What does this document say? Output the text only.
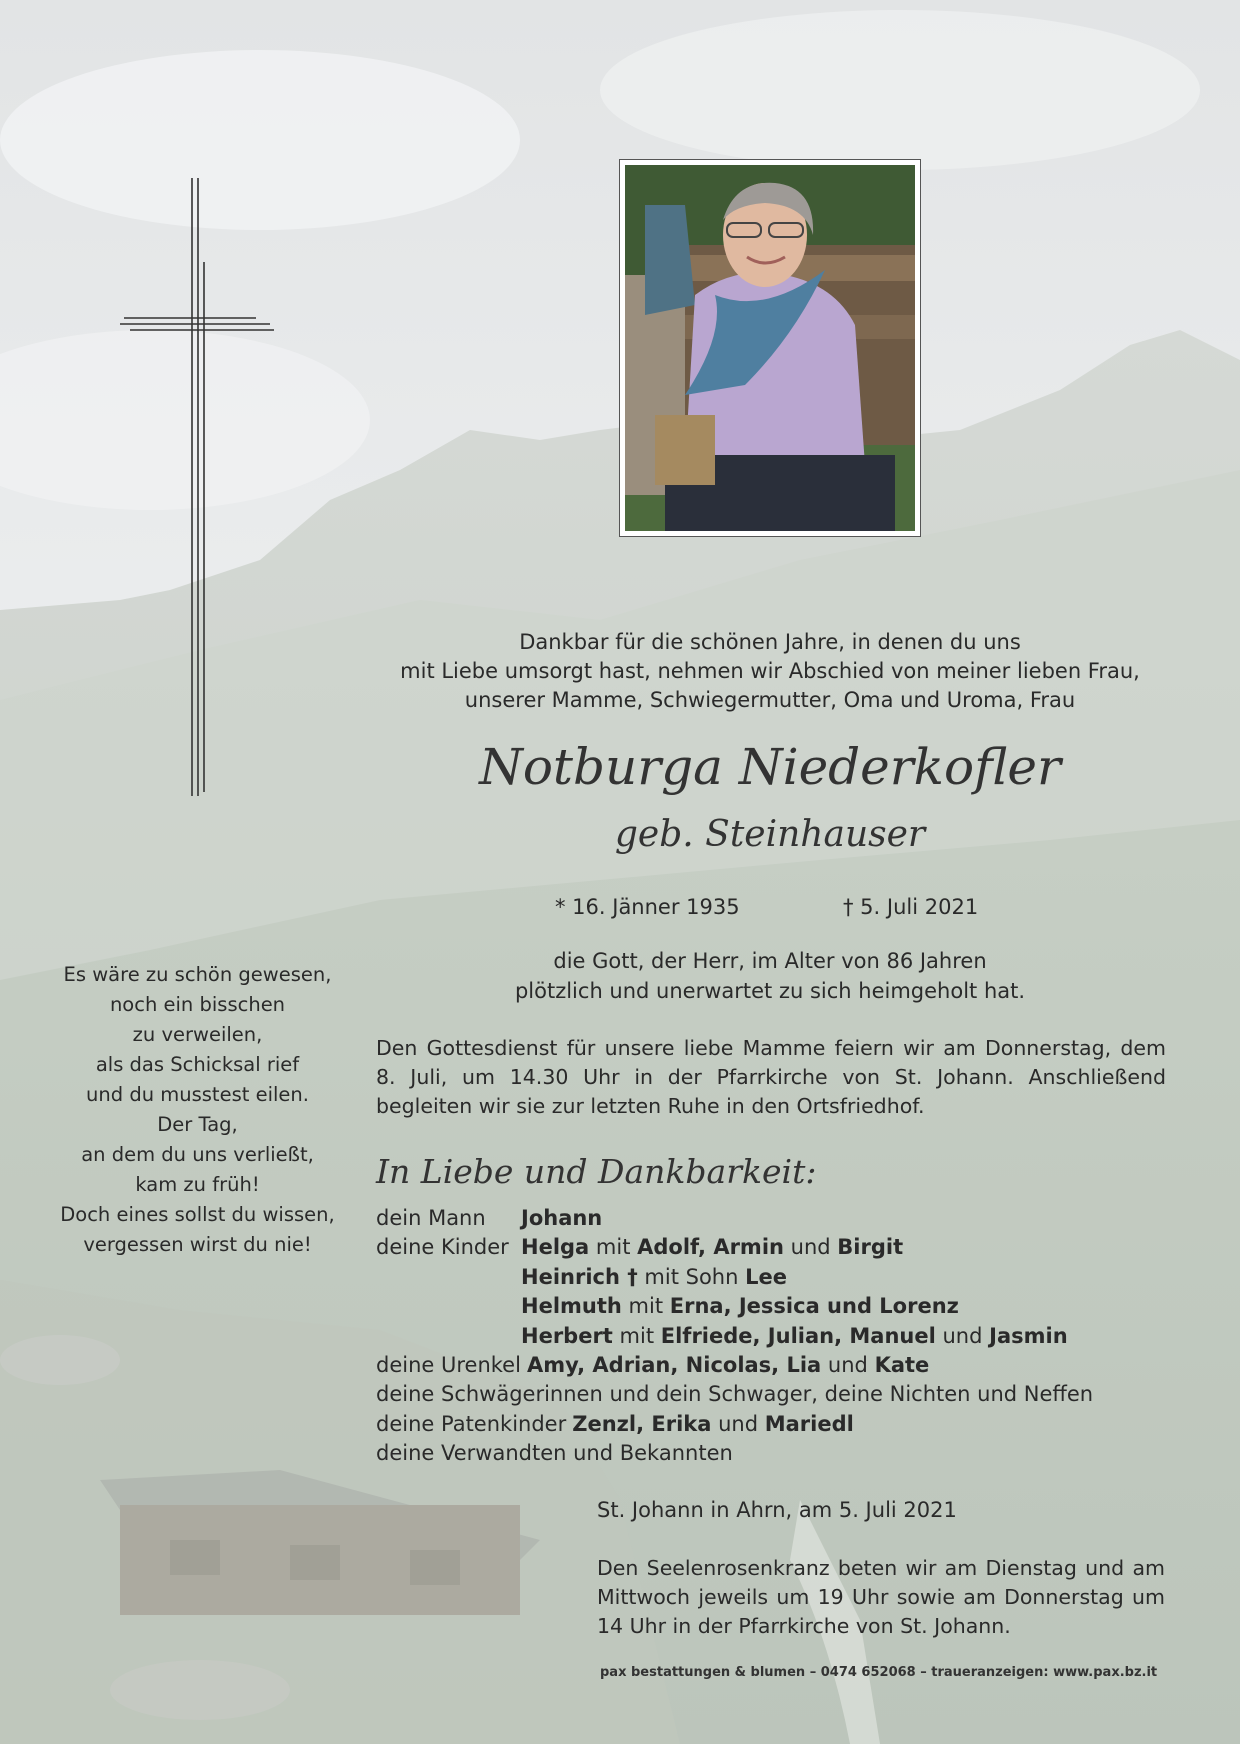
Dankbar für die schönen Jahre, in denen du uns
mit Liebe umsorgt hast, nehmen wir Abschied von meiner lieben Frau,
unserer Mamme, Schwiegermutter, Oma und Uroma, Frau
Notburga Niederkofler
geb. Steinhauser
* 16. Jänner 1935	† 5. Juli 2021
die Gott, der Herr, im Alter von 86 Jahren
plötzlich und unerwartet zu sich heimgeholt hat.
Den Gottesdienst für unsere liebe Mamme feiern wir am Donnerstag, dem
8. Juli, um 14.30 Uhr in der Pfarrkirche von St. Johann. Anschließend
begleiten wir sie zur letzten Ruhe in den Ortsfriedhof.
Es wäre zu schön gewesen,
noch ein bisschen
zu verweilen,
als das Schicksal rief
und du musstest eilen.
Der Tag,
an dem du uns verließt,
kam zu früh!
Doch eines sollst du wissen,
vergessen wirst du nie!
In Liebe und Dankbarkeit:
dein Mann Johann
deine Kinder Helga mit Adolf, Armin und Birgit
Heinrich † mit Sohn Lee
Helmuth mit Erna, Jessica und Lorenz
Herbert mit Elfriede, Julian, Manuel und Jasmin
deine Urenkel Amy, Adrian, Nicolas, Lia und Kate
deine Schwägerinnen und dein Schwager, deine Nichten und Neffen
deine Patenkinder Zenzl, Erika und Mariedl
deine Verwandten und Bekannten
St. Johann in Ahrn, am 5. Juli 2021
Den Seelenrosenkranz beten wir am Dienstag und am
Mittwoch jeweils um 19 Uhr sowie am Donnerstag um
14 Uhr in der Pfarrkirche von St. Johann.
pax bestattungen & blumen – 0474 652068 – traueranzeigen: www.pax.bz.it
